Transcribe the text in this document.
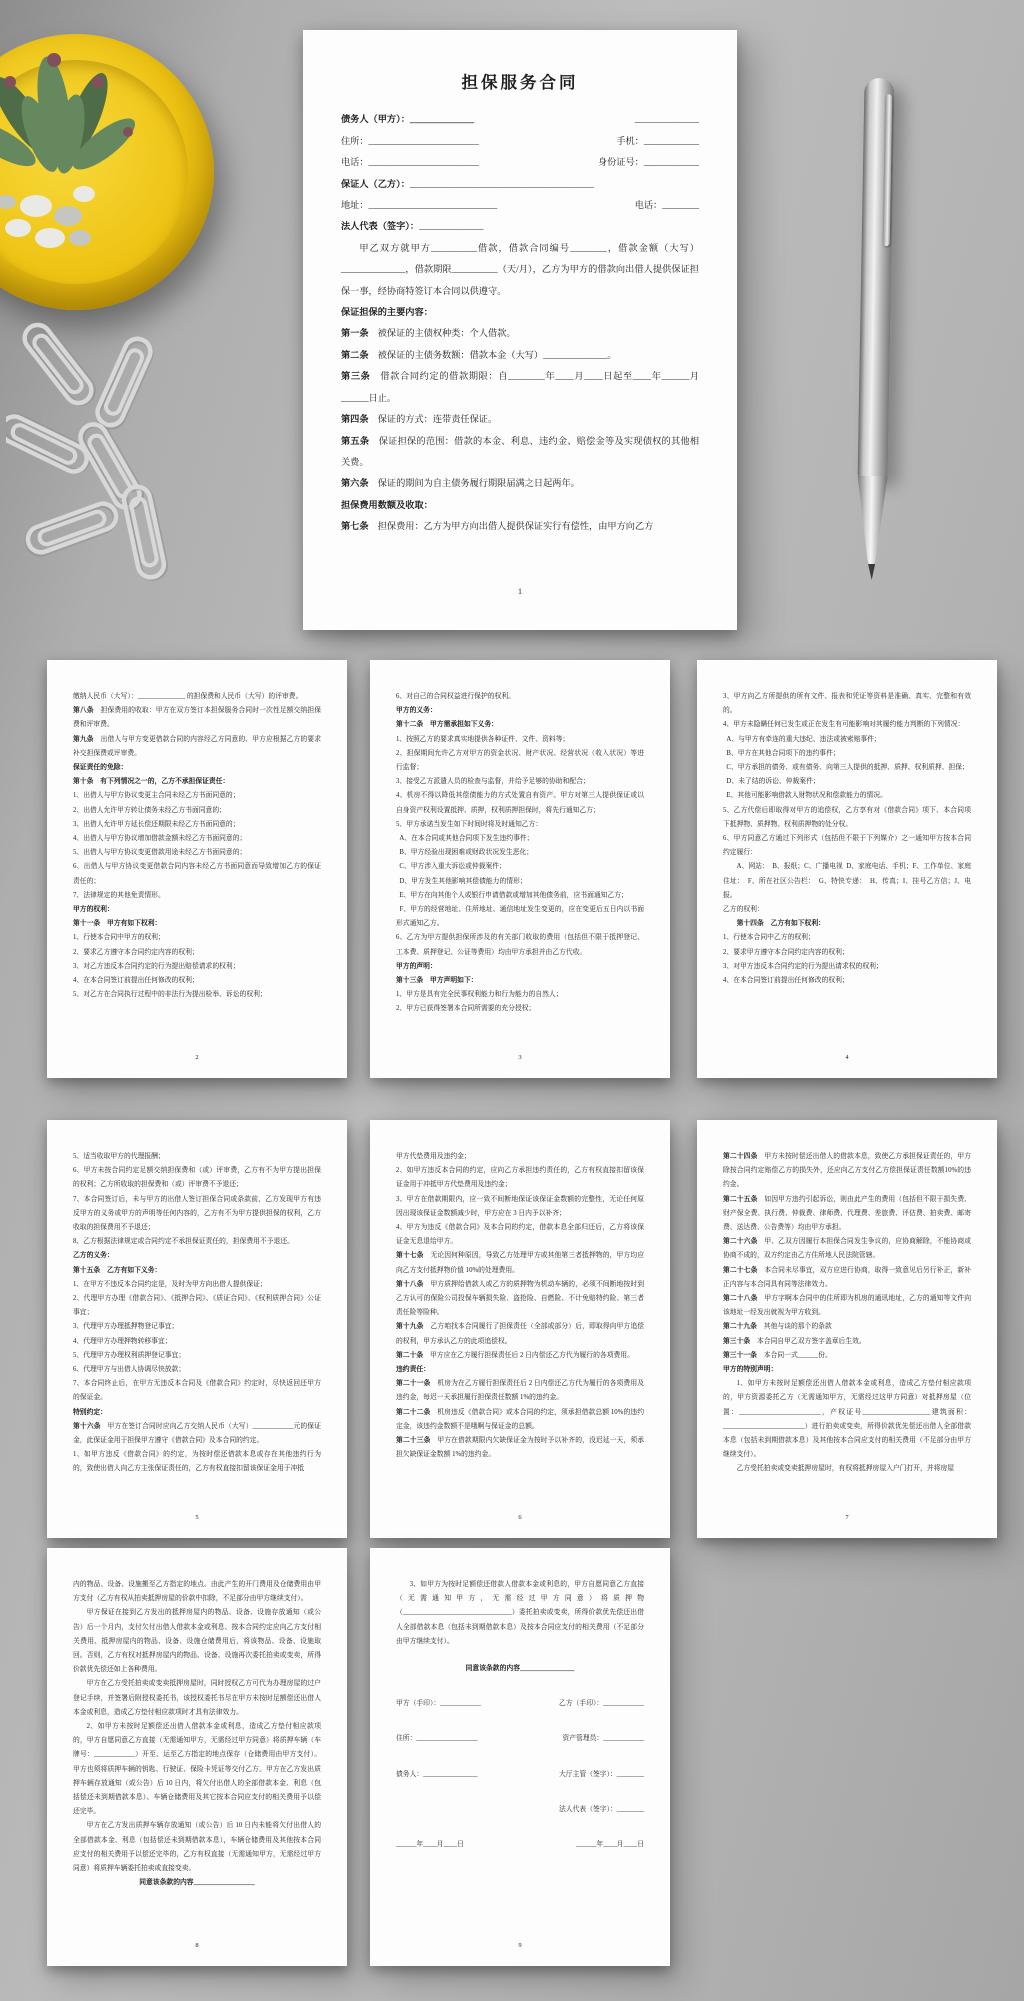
担保服务合同

债务人（甲方）：______________	______________

住所：________________________	手机：____________

电话：________________________	身份证号：____________

保证人（乙方）：________________________________________

地址：____________________________	电话：________

法人代表（签字）：______________

甲乙双方就甲方__________借款，借款合同编号________，借款金额（大写）______________，借款期限__________（天/月），乙方为甲方的借款向出借人提供保证担保一事，经协商特签订本合同以供遵守。

保证担保的主要内容：

第一条　被保证的主债权种类：个人借款。

第二条　被保证的主债务数额：借款本金（大写）______________。

第三条　借款合同约定的借款期限：自________年____月____日起至____年______月______日止。

第四条　保证的方式：连带责任保证。

第五条　保证担保的范围：借款的本金、利息、违约金、赔偿金等及实现债权的其他相关费。

第六条　保证的期间为自主债务履行期限届满之日起两年。

担保费用数额及收取：

第七条　担保费用：乙方为甲方向出借人提供保证实行有偿性，由甲方向乙方

1

缴纳人民币（大写）：______________ 的担保费和人民币（大写）的评审费。

第八条　担保费用的收取：甲方在双方签订本担保服务合同时一次性足额交纳担保费和评审费。

第九条　出借人与甲方变更借款合同的内容经乙方同意的、甲方应根据乙方的要求补交担保费或评审费。

保证责任的免除：

第十条　有下列情况之一的，乙方不承担保证责任：

1、出借人与甲方协议变更主合同未经乙方书面同意的；

2、出借人允许甲方转让债务未经乙方书面同意的；

3、出借人允许甲方延长偿还期限未经乙方书面同意的；

4、出借人与甲方协议增加借款金额未经乙方书面同意的；

5、出借人与甲方协议变更借款用途未经乙方书面同意的；

6、出借人与甲方协议变更借款合同内容未经乙方书面同意而导致增加乙方的保证责任的；

7、法律规定的其他免责情形。

甲方的权利：

第十一条　甲方有如下权利：

1、行使本合同中甲方的权利；

2、要求乙方遵守本合同约定内容的权利；

3、对乙方违反本合同约定的行为提出赔偿请求的权利；

4、在本合同签订前提出任何修改的权利；

5、对乙方在合同执行过程中的非法行为提出检举、诉讼的权利；

2

6、对自己的合同权益进行保护的权利。

甲方的义务：

第十二条　甲方需承担如下义务：

1、按照乙方的要求真实地提供各种证件、文件、资料等；

2、担保期间允许乙方对甲方的资金状况、财产状况、经营状况（收入状况）等进行监督；

3、接受乙方派遣人员的检查与监督，并给予足够的协助和配合；

4、机房不得以降低其偿债能力的方式处置自有资产。甲方对第三人提供保证或以自身资产权利设置抵押、质押，权利质押担保时，将先行通知乙方；

5、甲方承诺当发生如下时间时将及时通知乙方：

A、在本合同或其他合同项下发生违约事件；

B、甲方经验出现困难或财政状况发生恶化；

C、甲方涉入重大诉讼或仲裁案件；

D、甲方发生其他影响其偿债能力的情形；

E、甲方在向其他个人或银行申请借款或增加其他债务前，应书面通知乙方；

F、甲方的经营地址、住所地址、通信地址发生变更的，应在变更后五日内以书面形式通知乙方。

6、乙方为甲方提供担保所涉及的有关部门收取的费用（包括但不限于抵押登记、工本费、质押登记、公证等费用）均由甲方承担并由乙方代收。

甲方的声明：

第十三条　甲方声明如下：

1、甲方是具有完全民事权利能力和行为能力的自然人；

2、甲方已获得签署本合同所需要的充分授权；

3

3、甲方向乙方所提供的所有文件、报表和凭证等资料是准确、真实、完整和有效的。

4、甲方未隐瞒任何已发生或正在发生有可能影响对其履约能力判断的下列情况：

A、与甲方有牵连的重大违纪、违法或被索赔事件；

B、甲方在其他合同项下的违约事件；

C、甲方承担的债务、或有债务、向第三人提供的抵押、质押、权利质押、担保；

D、未了结的诉讼、仲裁案件；

E、其他可能影响借款人财物状况和偿款能力的情况。

5、乙方代偿后即取得对甲方的追偿权，乙方享有对《借款合同》项下、本合同项下抵押物、质押物、权利质押物的处分权。

6、甲方同意乙方通过下列形式（包括但不限于下列媒介）之一通知甲方按本合同约定履行：

　　A、网站：  B、报纸；C、广播电视  D、家庭电话、手机；F、工作单位、家庭住址：  F、所在社区公告栏：  G、特快专递：  H、传真；I、挂号乙方信；J、电报。

乙方的权利：

第十四条　乙方有如下权利：

1、行使本合同中乙方的权利；

2、要求甲方遵守本合同约定内容的权利；

3、对甲方违反本合同约定的行为提出请求权的权利；

4、在本合同签订前提出任何修改的权利；

4

5、适当收取甲方的代理报酬；

6、甲方未按合同约定足额交纳担保费和（或）评审费，乙方有不为甲方提出担保的权利；乙方所收取的担保费和（或）评审费不予退还；

7、本合同签订后，未与甲方的出借人签订担保合同或条款前，乙方发现甲方有违反甲方的义务或甲方的声明等任何内容的，乙方有不为甲方提供担保的权利，乙方收取的担保费用不予退还；

8、乙方根据法律规定或合同约定不承担保证责任的，担保费用不予退还。

乙方的义务：

第十五条　乙方有如下义务：

1、在甲方不违反本合同约定是，及时为甲方向出借人提供保证；

2、代理甲方办理《借款合同》、《抵押合同》、《质证合同》、《权利质押合同》公证事宜；

3、代理甲方办理抵押物登记事宜；

4、代理甲方办理押物转移事宜；

5、代理甲方办理权利质押登记事宜；

6、代理甲方与出借人协调尽快放款；

7、本合同终止后，在甲方无违反本合同及《借款合同》约定时，尽快返回还甲方的保证金。

特别约定：

第十六条　甲方在签订合同时应向乙方交纳人民币（大写）____________元的保证金，此保证金用于担保甲方遵守《借款合同》及本合同的约定。

1、如甲方违反《借款合同》的约定，为按时偿还借款本息或存在其他违约行为的，致使出借人向乙方主张保证责任的，乙方有权直接扣留该保证金用于冲抵

5

甲方代垫费用及违约金；

2、如甲方违反本合同的约定，应向乙方承担违约责任的，乙方有权直接扣留该保证金用于冲抵甲方代垫费用及违约金；

3、甲方在借款期限内，应一致不间断地保证该保证金数额的完整性，无论任何原因出现该保证金数额减少时，甲方应在 3 日内予以补齐；

4、甲方为违反《借款合同》及本合同的约定，借款本息全部归还后，乙方将该保证金无息退给甲方。

第十七条　无论因何种原因，导致乙方处理甲方或其他第三者抵押物的，甲方均应向乙方支付抵押物价值 10%的处理费用。

第十八条　甲方质押给借款人或乙方的质押物为机动车辆的，必须不间断地按时到乙方认可的保险公司投保车辆损失险、盗抢险、自燃险、不计免赔特约险、第三者责任险等险种。

第十九条　乙方咱找本合同履行了担保责任（全部或部分）后，即取得向甲方追偿的权利，甲方承认乙方的此项追偿权。

第二十条　甲方应在乙方履行担保责任后 2 日内偿还乙方代为履行的各项费用。

违约责任：

第二十一条　机房为在乙方履行担保责任后 2 日内偿还乙方代为履行的各项费用及违约金，每迟一天承担履行担保责任数额 1%的违约金。

第二十二条　机房违反《借款合同》或本合同的约定，须承担借款总额 10%的违约定金，该违约金数额不是哦啊与保证金的总额。

第二十三条　甲方在借款期限内欠缺保证金为按时予以补齐的，没迟延一天，须承担欠缺保证金数额 1%的违约金。

6

第二十四条　甲方未按时偿还出借人的借款本息，致使乙方承担保证责任的，甲方除按合同约定赔偿乙方的损失外，还应向乙方支付乙方偿担保证责任数额10%的违约金。

第二十五条　如因甲方违约引起诉讼，则由此产生的费用（包括但不限于损失费、财产保全费、执行费、仲裁费、律师费、代理费、差旅费、评估费、拍卖费、邮寄费、送达费、公告费等）均由甲方承担。

第二十六条　甲、乙双方因履行本担保合同发生争议的，应协商解除，不能协商或协商不成的，双方约定由乙方住所地人民法院管辖。

第二十七条　本合同未尽事宜，双方应进行协商，取得一致意见后另行补正，新补正内容与本合同具有同等法律效力。

第二十八条　甲方字啊本合同中的住所即为机房的通讯地址，乙方的通知等文件向该地址一经发出就视为甲方收到。

第二十九条　其他与谈的那个的条款

第三十条　本合同自甲乙双方签字盖章后生效。

第三十一条　本合同一式______份。

甲方的特别声明：

1、如甲方未按时足额偿还出借人借款本金或利息，造成乙方垫付相应款项的，甲方资源委托乙方（无需通知甲方，无需经过这甲方同意）对抵押房屋（位置：________________________，产权证号____________________建筑面积：________________________）进行拍卖或变卖，所得价款优先偿还出借人全部借款本息（包括未到期借款本息）及其他按本合同应支付的相关费用（不足部分由甲方继续支付）。

乙方受托拍卖或变卖抵押房屋时，有权将抵押房屋入户门打开，并将房屋

7

内的物品、设备、设施搬至乙方指定的地点。由此产生的开门费用及仓储费用由甲方支付（乙方有权从拍卖抵押房屋的价款中扣除，不足部分由甲方继续支付）。

甲方保证在接到乙方发出的抵押房屋内的物品、设备、设施存放通知（或公告）后一个月内，支付欠付出借人借款本金或利息、按本合同约定应向乙方支付相关费用、抵押房屋内的物品、设备、设施仓储费用后，将该物品、设备、设施取回。否则，乙方有权对抵押房屋内的物品、设备、设施再次委托拍卖或变卖，所得价款优先偿还如上各种费用。

甲方在乙方受托拍卖或变卖抵押房屋时，同时授权乙方可代为办理房屋的过户登记手续，并签署后附授权委托书，该授权委托书尽在甲方未按时足额偿还出借人本金或利息，造成乙方垫付相应款项时才具有法律效力。

2、如甲方未按时足额偿还出借人借款本金或利息，造成乙方垫付相应款项的，甲方自愿同意乙方直接（无需通知甲方，无需经过甲方同意）将质押车辆（车牌号：____________）开至、运至乙方指定的地点保存（仓储费用由甲方支付）。甲方也须将质押车辆的钥匙、行驶证、保险卡凭证等交付乙方。甲方在乙方发出质押车辆存放通知（或公告）后 10 日内，将欠付出借人的全部借款本金、利息（包括偿还未到期借款本息）、车辆仓储费用及其它按本合同应支付的相关费用予以偿还完毕。

甲方在乙方发出质押车辆存放通知（或公告）后 10 日内未能将欠付出借人的全部借款本金、利息（包括偿还未到期借款本息），车辆仓储费用及其他按本合同应支付的相关费用予以偿还完毕的，乙方有权直接（无需通知甲方，无需经过甲方同意）将质押车辆委托拍卖或直接变卖。

同意该条款的内容__________________

8

3、如甲方为按时足额偿还借款人借款本金或利息的，甲方自愿同意乙方直接（无需通知甲方，无需经过甲方同意）将质押物（________________________________）委托拍卖或变卖，所得价款优先偿还出借人全部借款本息（包括未到期借款本息）及按本合同应支付的相关费用（不足部分由甲方继续支付）。

同意该条款的内容________________

甲方（手印）：____________	乙方（手印）：____________

住所：__________________	资产管理员：____________

债务人：________________	大厅主管（签字）：________

法人代表（签字）：________

______年____月____日	______年____月____日

9
